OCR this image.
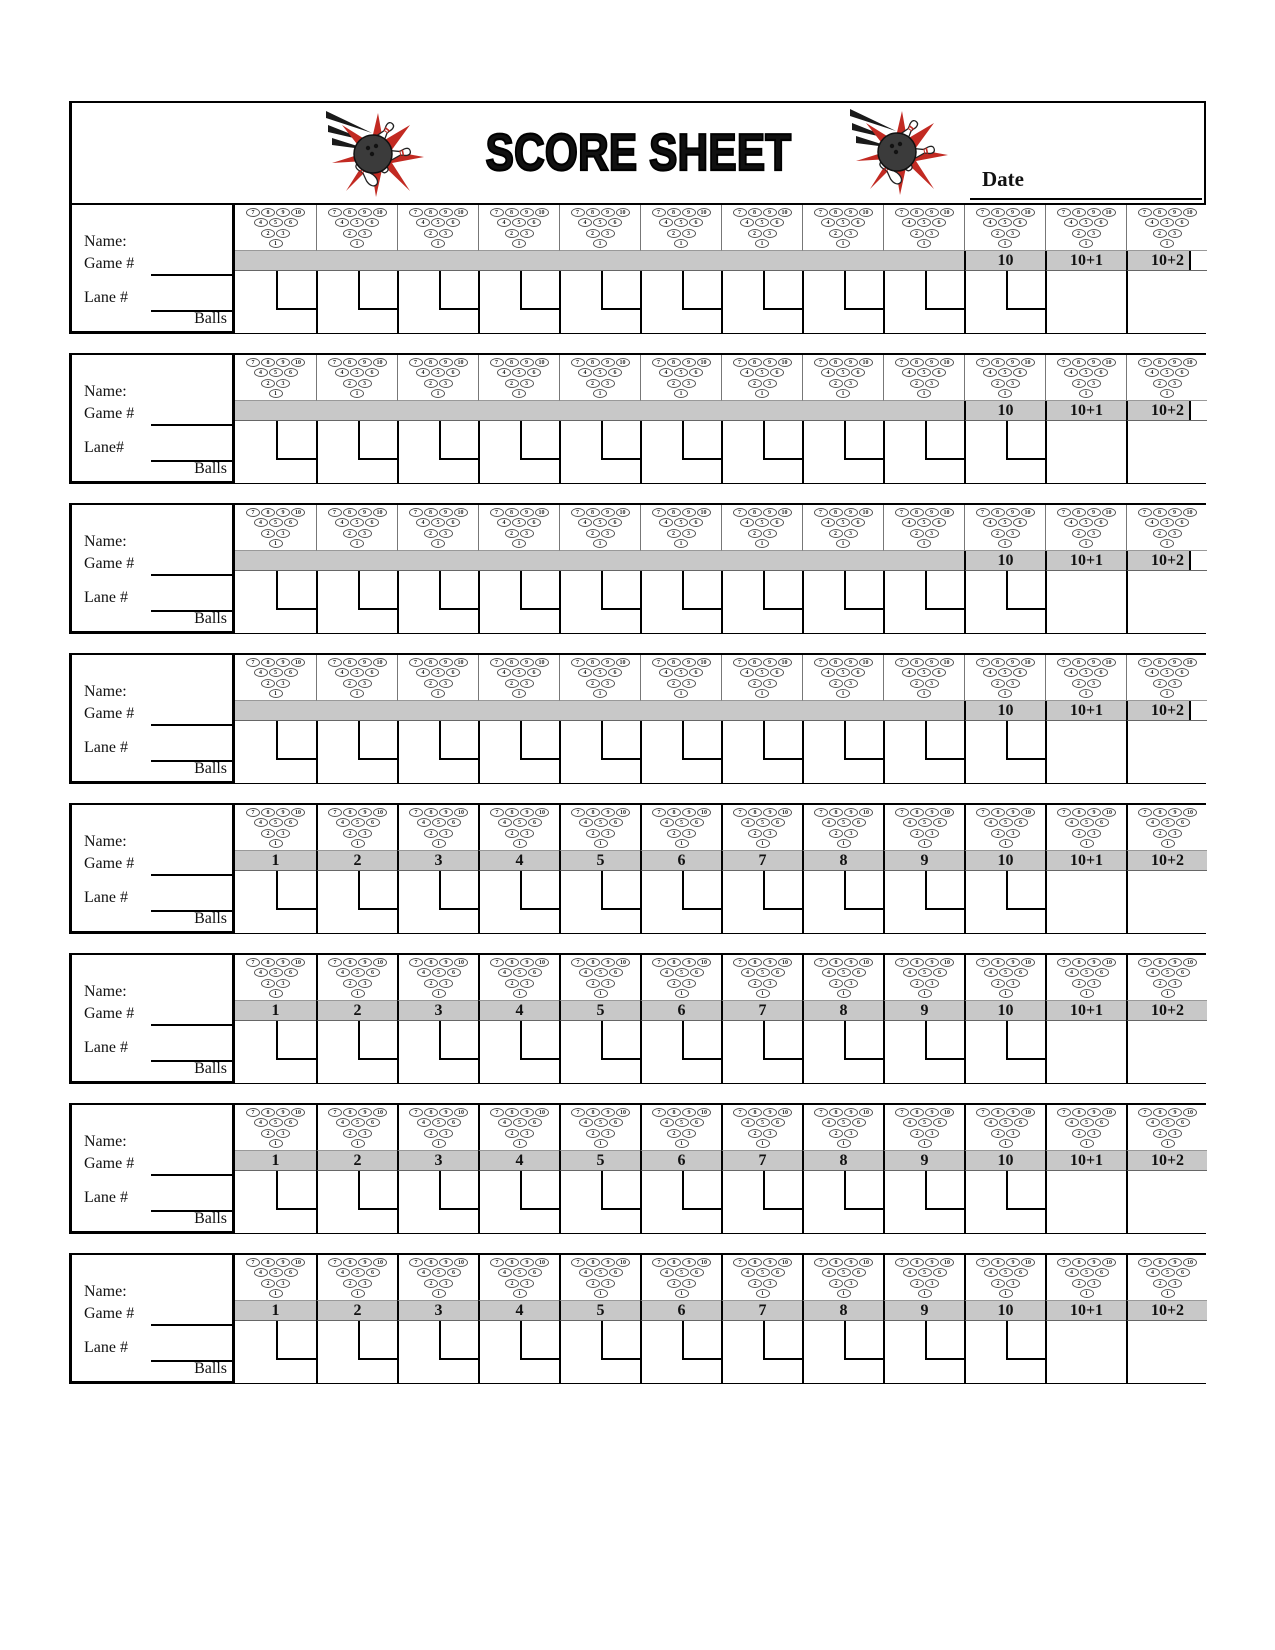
SCORE SHEET	Date
Name:
Game #
Lane #
Balls
7 8 9 10
4 5 6
2 3
1
7 8 9 10
4 5 6
2 3
1
7 8 9 10
4 5 6
2 3
1
7 8 9 10
4 5 6
2 3
1
7 8 9 10
4 5 6
2 3
1
7 8 9 10
4 5 6
2 3
1
7 8 9 10
4 5 6
2 3
1
7 8 9 10
4 5 6
2 3
1
7 8 9 10
4 5 6
2 3
1
7 8 9 10
4 5 6
2 3
1
10
7 8 9 10
4 5 6
2 3
1
10+1
7 8 9 10
4 5 6
2 3
1
10+2
Name:
Game #
Lane#
Balls
7 8 9 10
4 5 6
2 3
1
7 8 9 10
4 5 6
2 3
1
7 8 9 10
4 5 6
2 3
1
7 8 9 10
4 5 6
2 3
1
7 8 9 10
4 5 6
2 3
1
7 8 9 10
4 5 6
2 3
1
7 8 9 10
4 5 6
2 3
1
7 8 9 10
4 5 6
2 3
1
7 8 9 10
4 5 6
2 3
1
7 8 9 10
4 5 6
2 3
1
10
7 8 9 10
4 5 6
2 3
1
10+1
7 8 9 10
4 5 6
2 3
1
10+2
Name:
Game #
Lane #
Balls
7 8 9 10
4 5 6
2 3
1
7 8 9 10
4 5 6
2 3
1
7 8 9 10
4 5 6
2 3
1
7 8 9 10
4 5 6
2 3
1
7 8 9 10
4 5 6
2 3
1
7 8 9 10
4 5 6
2 3
1
7 8 9 10
4 5 6
2 3
1
7 8 9 10
4 5 6
2 3
1
7 8 9 10
4 5 6
2 3
1
7 8 9 10
4 5 6
2 3
1
10
7 8 9 10
4 5 6
2 3
1
10+1
7 8 9 10
4 5 6
2 3
1
10+2
Name:
Game #
Lane #
Balls
7 8 9 10
4 5 6
2 3
1
7 8 9 10
4 5 6
2 3
1
7 8 9 10
4 5 6
2 3
1
7 8 9 10
4 5 6
2 3
1
7 8 9 10
4 5 6
2 3
1
7 8 9 10
4 5 6
2 3
1
7 8 9 10
4 5 6
2 3
1
7 8 9 10
4 5 6
2 3
1
7 8 9 10
4 5 6
2 3
1
7 8 9 10
4 5 6
2 3
1
10
7 8 9 10
4 5 6
2 3
1
10+1
7 8 9 10
4 5 6
2 3
1
10+2
Name:
Game #
Lane #
Balls
7 8 9 10
4 5 6
2 3
1
1
7 8 9 10
4 5 6
2 3
1
2
7 8 9 10
4 5 6
2 3
1
3
7 8 9 10
4 5 6
2 3
1
4
7 8 9 10
4 5 6
2 3
1
5
7 8 9 10
4 5 6
2 3
1
6
7 8 9 10
4 5 6
2 3
1
7
7 8 9 10
4 5 6
2 3
1
8
7 8 9 10
4 5 6
2 3
1
9
7 8 9 10
4 5 6
2 3
1
10
7 8 9 10
4 5 6
2 3
1
10+1
7 8 9 10
4 5 6
2 3
1
10+2
Name:
Game #
Lane #
Balls
7 8 9 10
4 5 6
2 3
1
1
7 8 9 10
4 5 6
2 3
1
2
7 8 9 10
4 5 6
2 3
1
3
7 8 9 10
4 5 6
2 3
1
4
7 8 9 10
4 5 6
2 3
1
5
7 8 9 10
4 5 6
2 3
1
6
7 8 9 10
4 5 6
2 3
1
7
7 8 9 10
4 5 6
2 3
1
8
7 8 9 10
4 5 6
2 3
1
9
7 8 9 10
4 5 6
2 3
1
10
7 8 9 10
4 5 6
2 3
1
10+1
7 8 9 10
4 5 6
2 3
1
10+2
Name:
Game #
Lane #
Balls
7 8 9 10
4 5 6
2 3
1
1
7 8 9 10
4 5 6
2 3
1
2
7 8 9 10
4 5 6
2 3
1
3
7 8 9 10
4 5 6
2 3
1
4
7 8 9 10
4 5 6
2 3
1
5
7 8 9 10
4 5 6
2 3
1
6
7 8 9 10
4 5 6
2 3
1
7
7 8 9 10
4 5 6
2 3
1
8
7 8 9 10
4 5 6
2 3
1
9
7 8 9 10
4 5 6
2 3
1
10
7 8 9 10
4 5 6
2 3
1
10+1
7 8 9 10
4 5 6
2 3
1
10+2
Name:
Game #
Lane #
Balls
7 8 9 10
4 5 6
2 3
1
1
7 8 9 10
4 5 6
2 3
1
2
7 8 9 10
4 5 6
2 3
1
3
7 8 9 10
4 5 6
2 3
1
4
7 8 9 10
4 5 6
2 3
1
5
7 8 9 10
4 5 6
2 3
1
6
7 8 9 10
4 5 6
2 3
1
7
7 8 9 10
4 5 6
2 3
1
8
7 8 9 10
4 5 6
2 3
1
9
7 8 9 10
4 5 6
2 3
1
10
7 8 9 10
4 5 6
2 3
1
10+1
7 8 9 10
4 5 6
2 3
1
10+2
